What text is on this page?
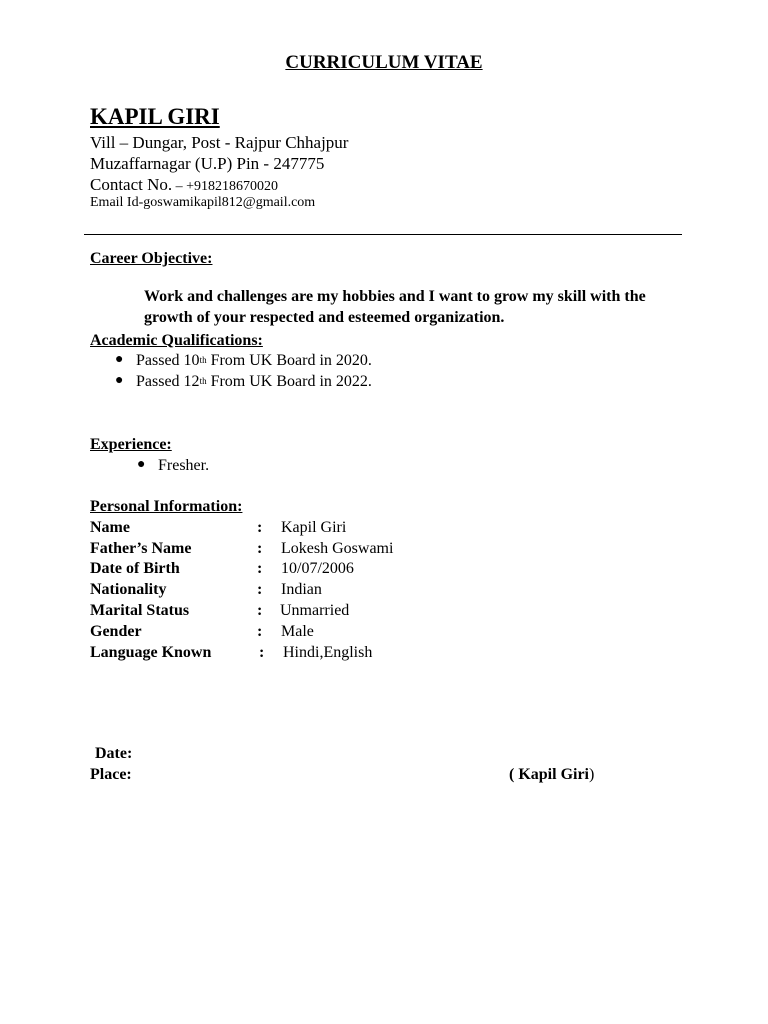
CURRICULUM VITAE
KAPIL GIRI
Vill – Dungar, Post - Rajpur Chhajpur
Muzaffarnagar (U.P) Pin - 247775
Contact No. – +918218670020
Email Id-goswamikapil812@gmail.com
Career Objective:
Work and challenges are my hobbies and I want to grow my skill with the growth of your respected and esteemed organization.
Academic Qualifications:
● Passed 10th From UK Board in 2020.
● Passed 12th From UK Board in 2022.
Experience:
● Fresher.
Personal Information:
Name	: Kapil Giri
Father’s Name	: Lokesh Goswami
Date of Birth	: 10/07/2006
Nationality	: Indian
Marital Status	: Unmarried
Gender	: Male
Language Known	: Hindi,English
Date:
Place:	( Kapil Giri)
